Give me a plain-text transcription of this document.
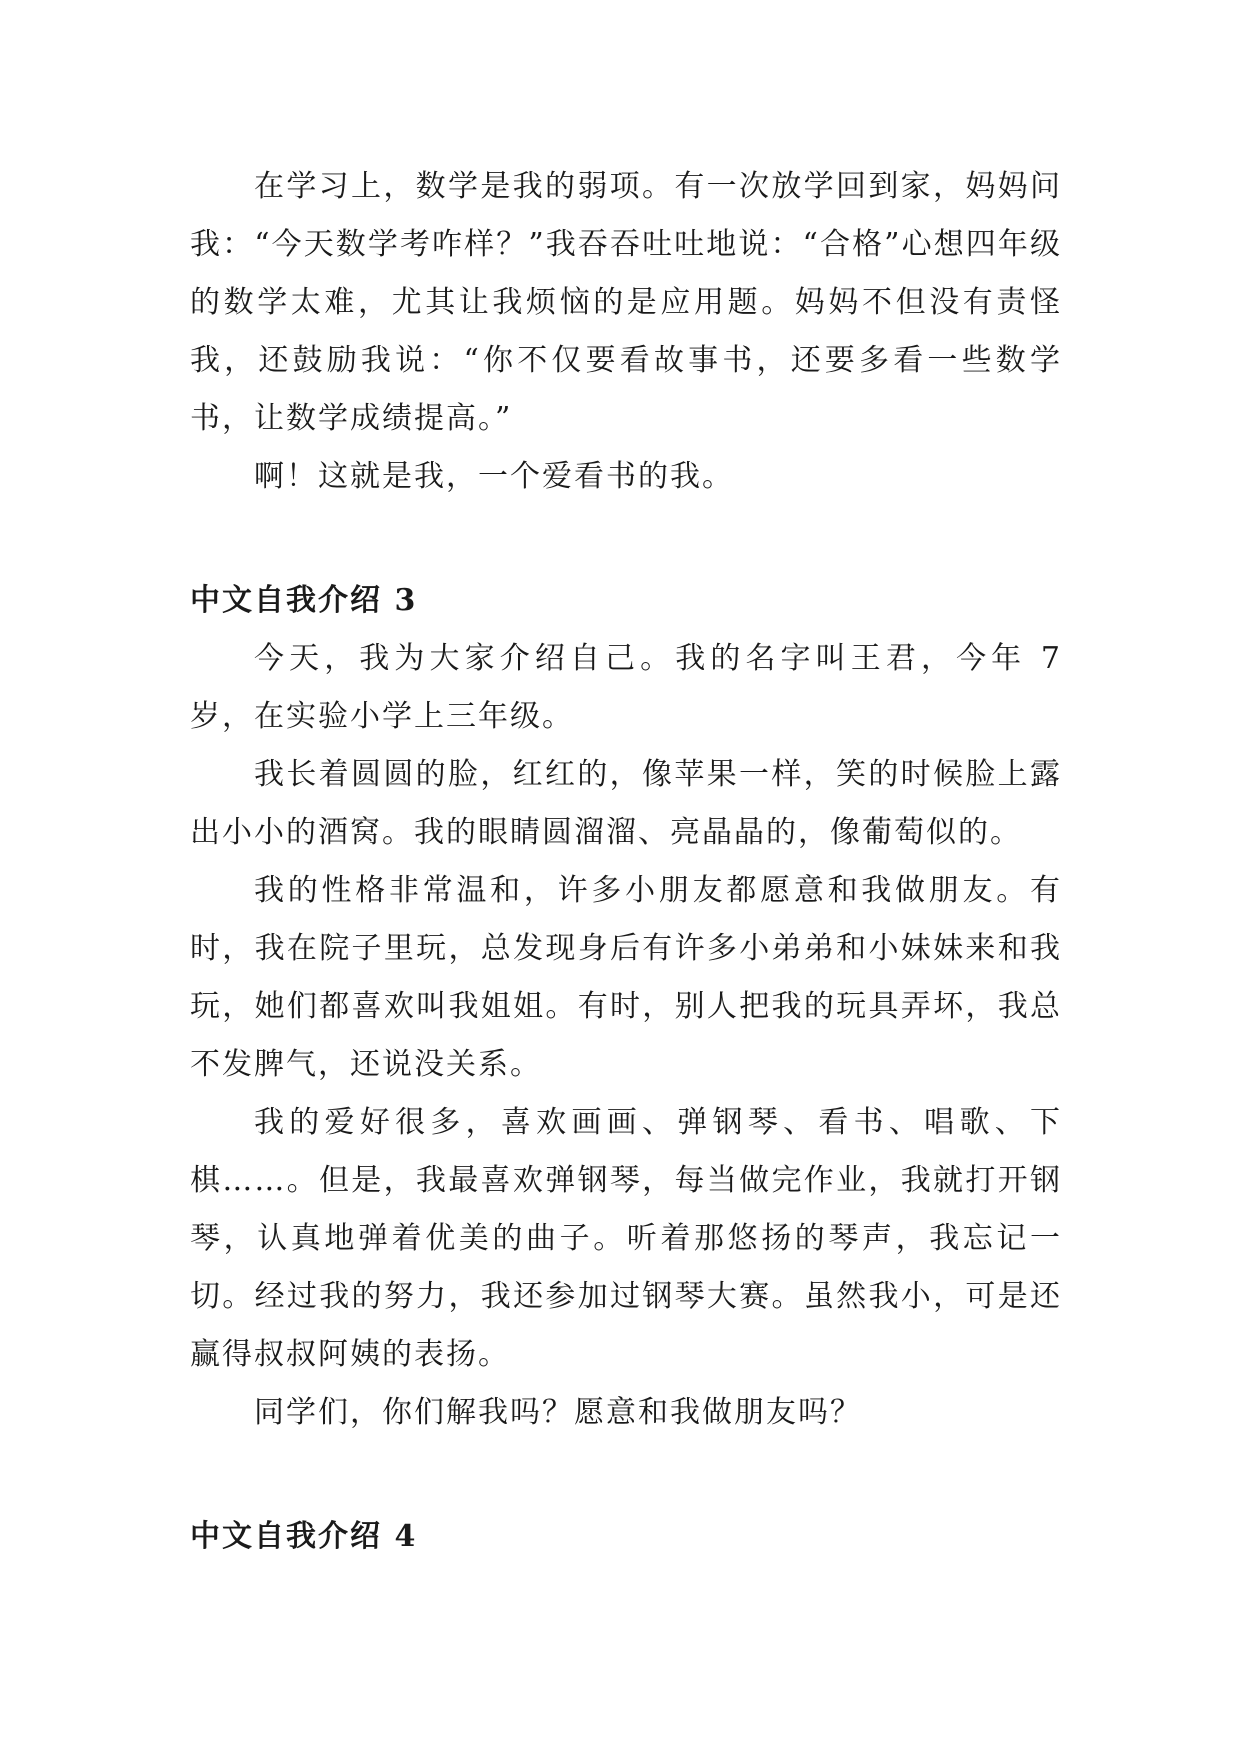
在学习上，数学是我的弱项。有一次放学回到家，妈妈问我：“今天数学考咋样？”我吞吞吐吐地说：“合格”心想四年级的数学太难，尤其让我烦恼的是应用题。妈妈不但没有责怪我，还鼓励我说：“你不仅要看故事书，还要多看一些数学书，让数学成绩提高。”

啊！这就是我，一个爱看书的我。

中文自我介绍 3

今天，我为大家介绍自己。我的名字叫王君，今年 7 岁，在实验小学上三年级。

我长着圆圆的脸，红红的，像苹果一样，笑的时候脸上露出小小的酒窝。我的眼睛圆溜溜、亮晶晶的，像葡萄似的。

我的性格非常温和，许多小朋友都愿意和我做朋友。有时，我在院子里玩，总发现身后有许多小弟弟和小妹妹来和我玩，她们都喜欢叫我姐姐。有时，别人把我的玩具弄坏，我总不发脾气，还说没关系。

我的爱好很多，喜欢画画、弹钢琴、看书、唱歌、下棋……。但是，我最喜欢弹钢琴，每当做完作业，我就打开钢琴，认真地弹着优美的曲子。听着那悠扬的琴声，我忘记一切。经过我的努力，我还参加过钢琴大赛。虽然我小，可是还赢得叔叔阿姨的表扬。

同学们，你们解我吗？愿意和我做朋友吗？

中文自我介绍 4
